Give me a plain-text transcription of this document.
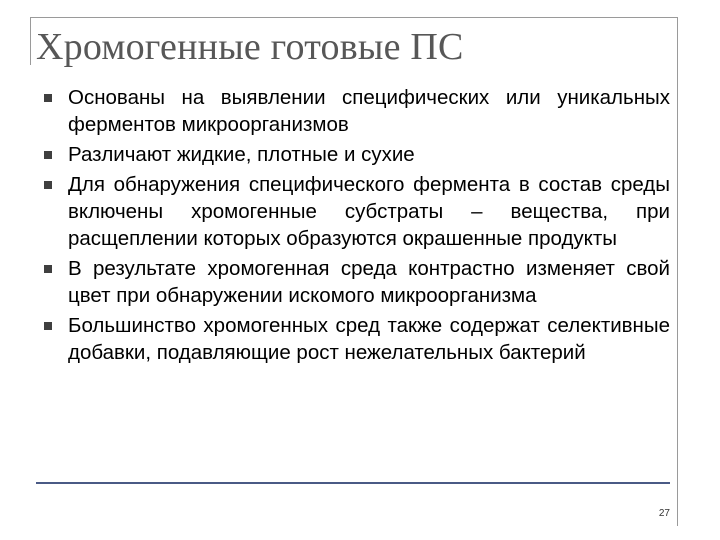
Хромогенные готовые ПС
Основаны на выявлении специфических или уникальных ферментов микроорганизмов
Различают жидкие, плотные и сухие
Для обнаружения специфического фермента в состав среды включены хромогенные субстраты – вещества, при расщеплении которых образуются окрашенные продукты
В результате хромогенная среда контрастно изменяет свой цвет при обнаружении искомого микроорганизма
Большинство хромогенных сред также содержат селективные добавки, подавляющие рост нежелательных бактерий
27
